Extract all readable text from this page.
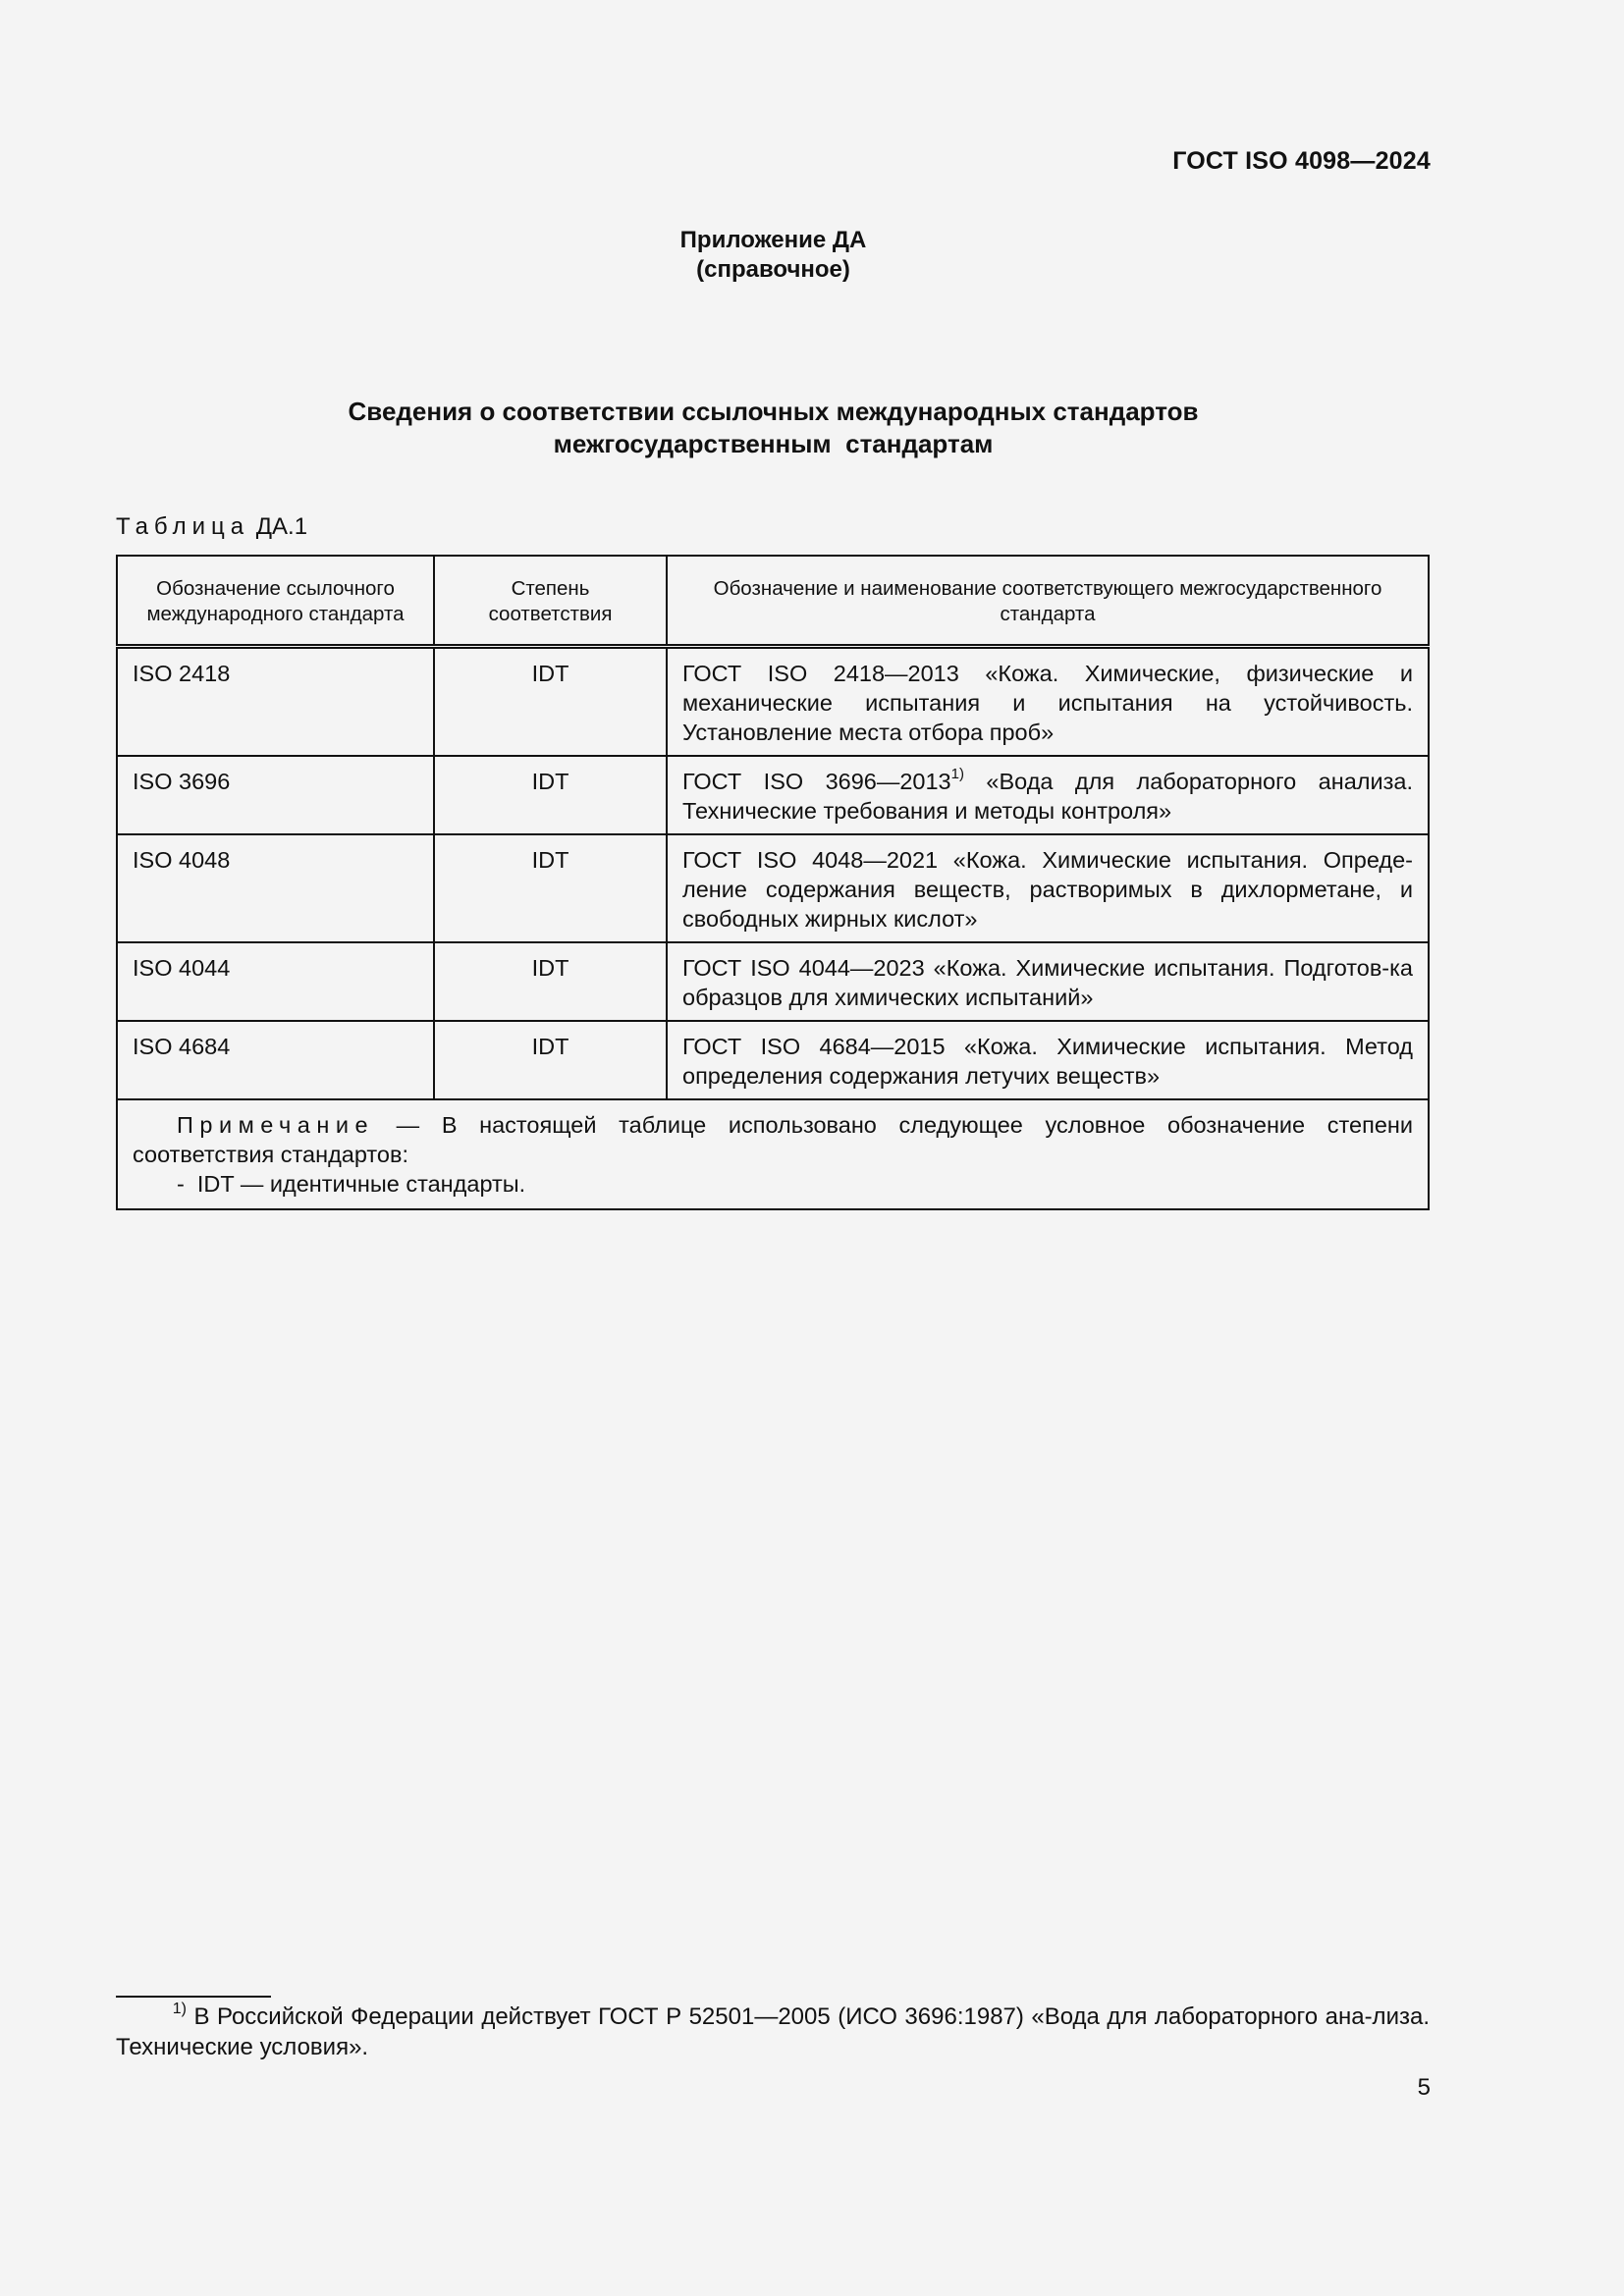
ГОСТ ISO 4098—2024
Приложение ДА
(справочное)
Сведения о соответствии ссылочных международных стандартов
межгосударственным  стандартам
Таблица ДА.1
Обозначение ссылочного международного стандарта	Степень соответствия	Обозначение и наименование соответствующего межгосударственного  стандарта
ISO 2418	IDT	ГОСТ ISO 2418—2013 «Кожа. Химические, физические и механические испытания и испытания на устойчивость. Установление места отбора проб»
ISO 3696	IDT	ГОСТ ISO 3696—2013$^{1)}$ «Вода для лабораторного анализа. Технические требования и методы контроля»
ISO 4048	IDT	ГОСТ ISO 4048—2021 «Кожа. Химические испытания. Опреде-ление содержания веществ, растворимых в дихлорметане, и свободных жирных кислот»
ISO 4044	IDT	ГОСТ ISO 4044—2023 «Кожа. Химические испытания. Подготов-ка образцов для химических испытаний»
ISO 4684	IDT	ГОСТ ISO 4684—2015 «Кожа. Химические испытания. Метод определения содержания летучих веществ»

Примечание — В настоящей таблице использовано следующее условное обозначение степени соответствия стандартов:
-  IDT — идентичные стандарты.		
$^{1)}$ В Российской Федерации действует ГОСТ Р 52501—2005 (ИСО 3696:1987) «Вода для лабораторного ана-лиза. Технические условия».
5
